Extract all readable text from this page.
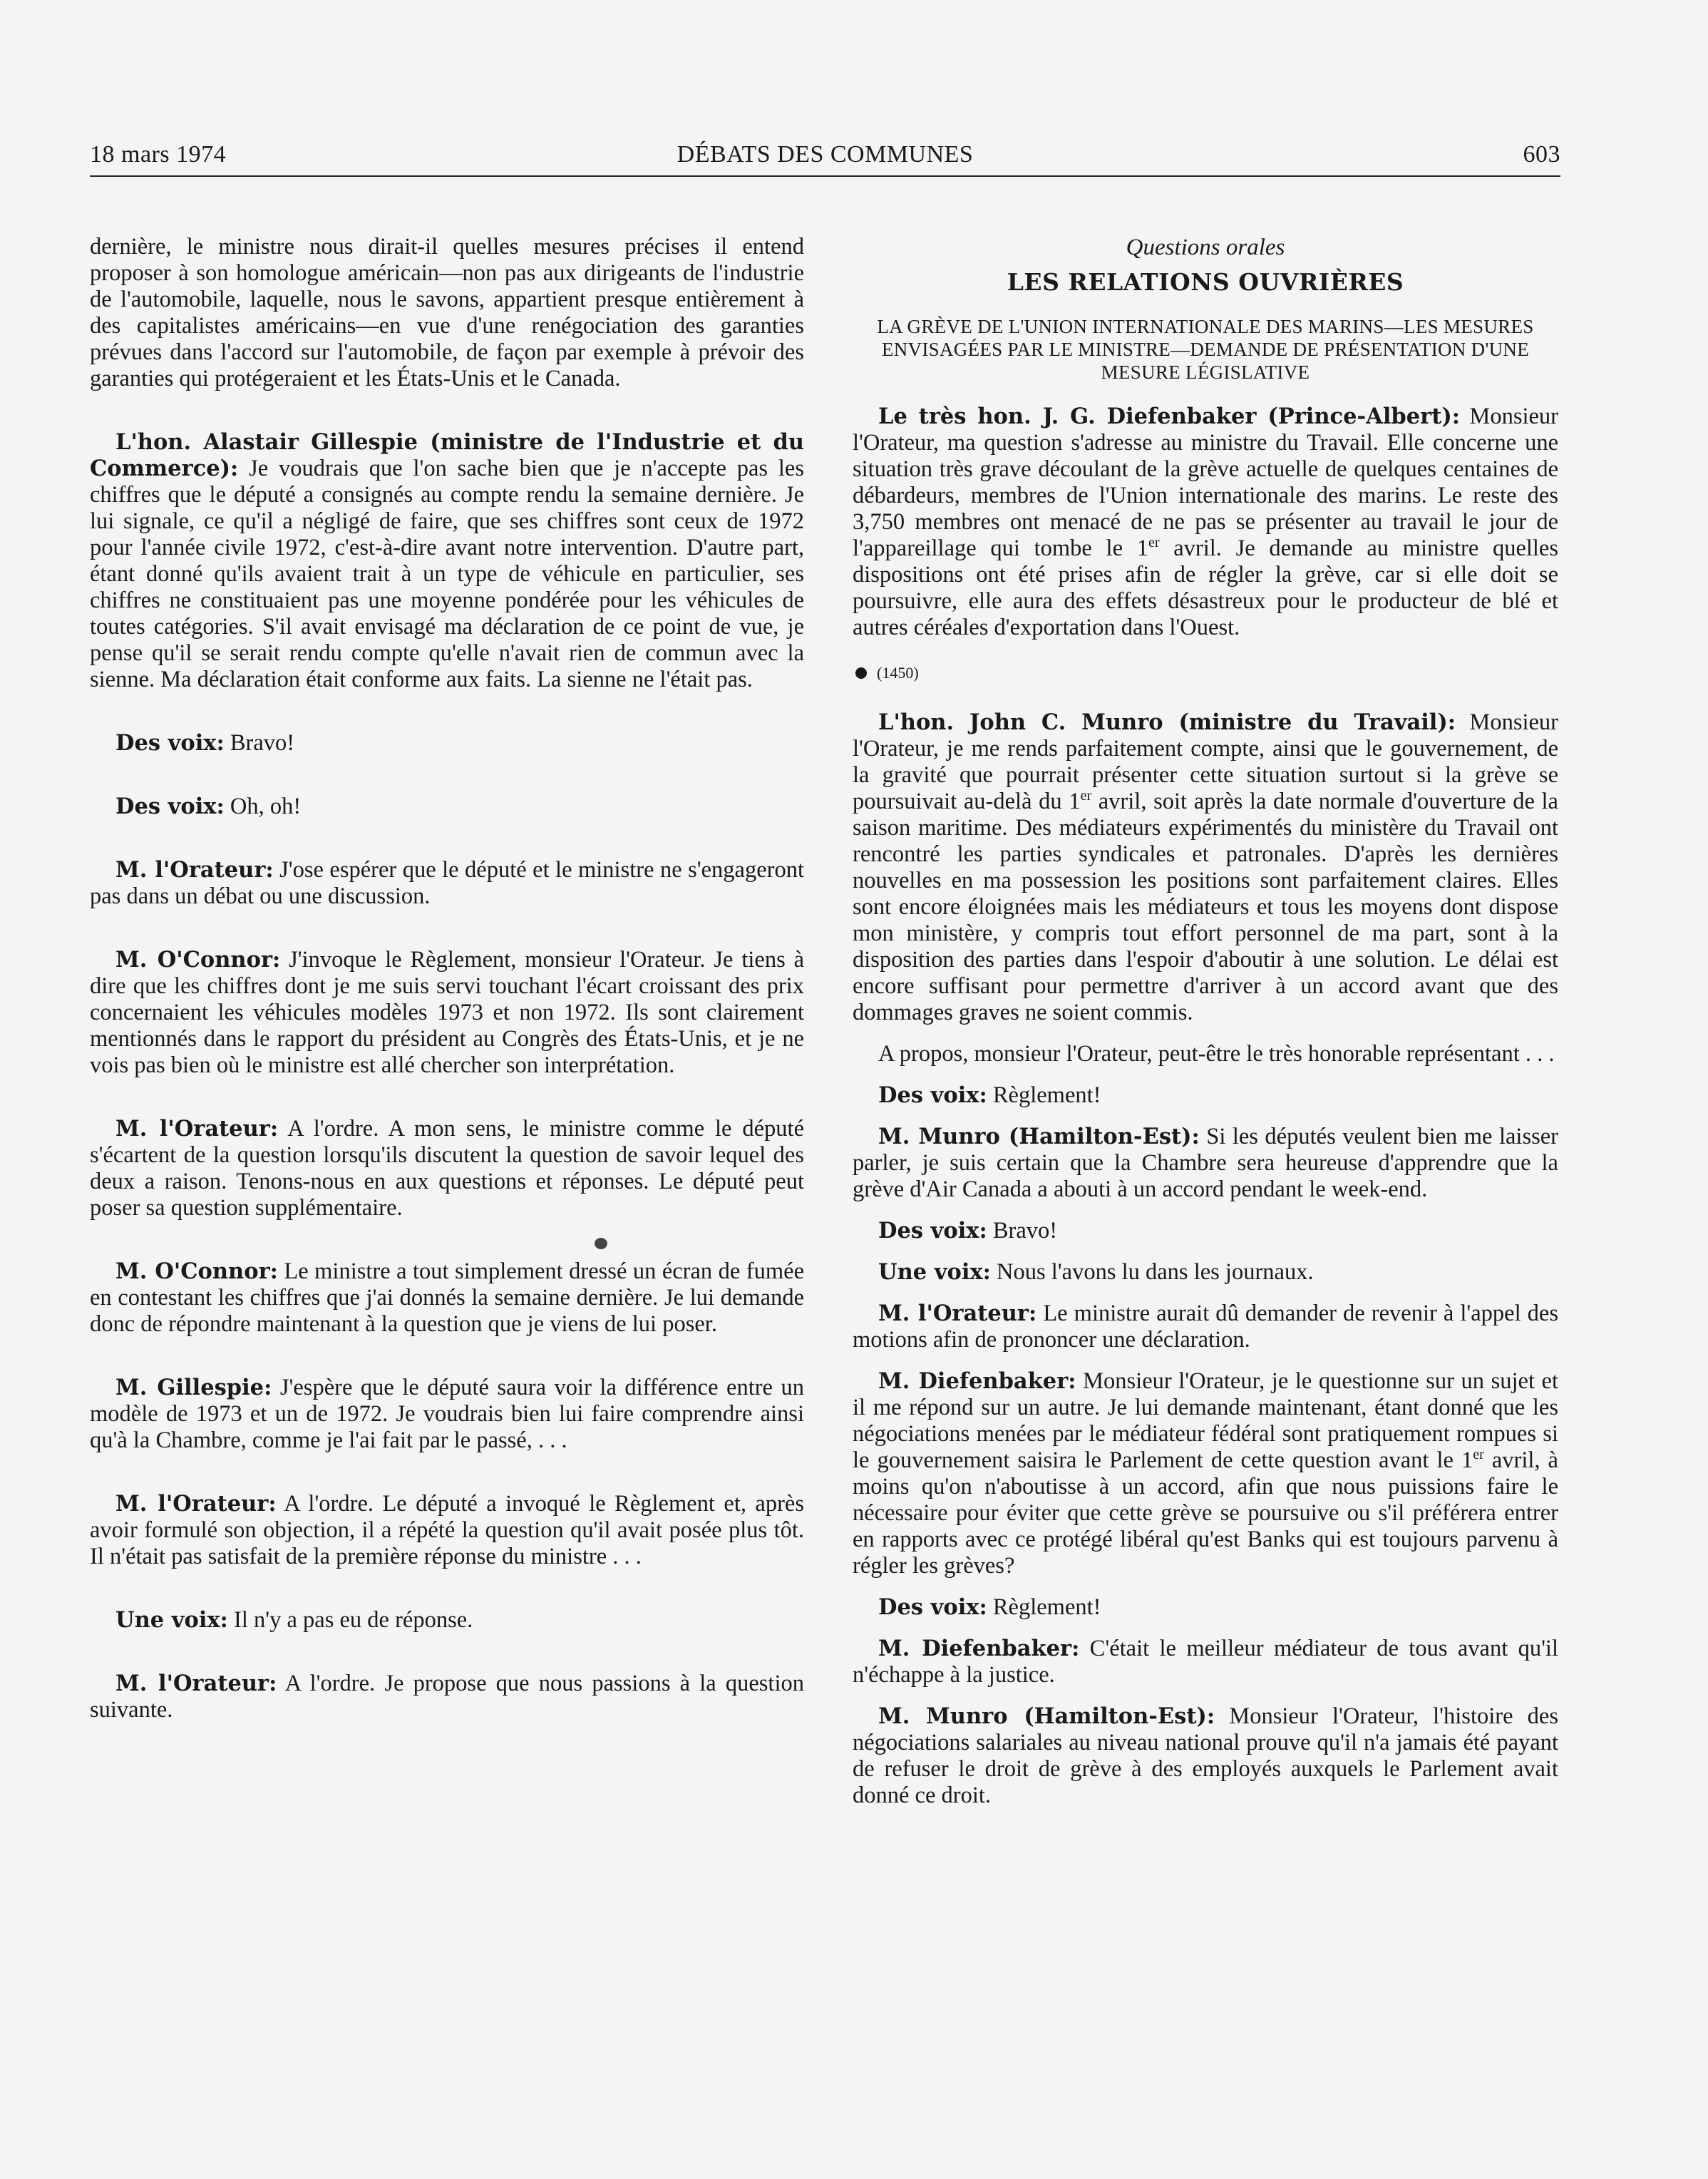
18 mars 1974	DÉBATS DES COMMUNES	603

dernière, le ministre nous dirait-il quelles mesures précises il entend proposer à son homologue américain—non pas aux dirigeants de l'industrie de l'automobile, laquelle, nous le savons, appartient presque entièrement à des capitalistes américains—en vue d'une renégociation des garanties prévues dans l'accord sur l'automobile, de façon par exemple à prévoir des garanties qui protégeraient et les États-Unis et le Canada.

L'hon. Alastair Gillespie (ministre de l'Industrie et du Commerce): Je voudrais que l'on sache bien que je n'accepte pas les chiffres que le député a consignés au compte rendu la semaine dernière. Je lui signale, ce qu'il a négligé de faire, que ses chiffres sont ceux de 1972 pour l'année civile 1972, c'est-à-dire avant notre intervention. D'autre part, étant donné qu'ils avaient trait à un type de véhicule en particulier, ses chiffres ne constituaient pas une moyenne pondérée pour les véhicules de toutes catégories. S'il avait envisagé ma déclaration de ce point de vue, je pense qu'il se serait rendu compte qu'elle n'avait rien de commun avec la sienne. Ma déclaration était conforme aux faits. La sienne ne l'était pas.

Des voix: Bravo!

Des voix: Oh, oh!

M. l'Orateur: J'ose espérer que le député et le ministre ne s'engageront pas dans un débat ou une discussion.

M. O'Connor: J'invoque le Règlement, monsieur l'Orateur. Je tiens à dire que les chiffres dont je me suis servi touchant l'écart croissant des prix concernaient les véhicules modèles 1973 et non 1972. Ils sont clairement mentionnés dans le rapport du président au Congrès des États-Unis, et je ne vois pas bien où le ministre est allé chercher son interprétation.

M. l'Orateur: A l'ordre. A mon sens, le ministre comme le député s'écartent de la question lorsqu'ils discutent la question de savoir lequel des deux a raison. Tenons-nous en aux questions et réponses. Le député peut poser sa question supplémentaire.

M. O'Connor: Le ministre a tout simplement dressé un écran de fumée en contestant les chiffres que j'ai donnés la semaine dernière. Je lui demande donc de répondre maintenant à la question que je viens de lui poser.

M. Gillespie: J'espère que le député saura voir la différence entre un modèle de 1973 et un de 1972. Je voudrais bien lui faire comprendre ainsi qu'à la Chambre, comme je l'ai fait par le passé, . . .

M. l'Orateur: A l'ordre. Le député a invoqué le Règlement et, après avoir formulé son objection, il a répété la question qu'il avait posée plus tôt. Il n'était pas satisfait de la première réponse du ministre . . .

Une voix: Il n'y a pas eu de réponse.

M. l'Orateur: A l'ordre. Je propose que nous passions à la question suivante.

Questions orales

LES RELATIONS OUVRIÈRES

LA GRÈVE DE L'UNION INTERNATIONALE DES MARINS—LES MESURES ENVISAGÉES PAR LE MINISTRE—DEMANDE DE PRÉSENTATION D'UNE MESURE LÉGISLATIVE

Le très hon. J. G. Diefenbaker (Prince-Albert): Monsieur l'Orateur, ma question s'adresse au ministre du Travail. Elle concerne une situation très grave découlant de la grève actuelle de quelques centaines de débardeurs, membres de l'Union internationale des marins. Le reste des 3,750 membres ont menacé de ne pas se présenter au travail le jour de l'appareillage qui tombe le 1er avril. Je demande au ministre quelles dispositions ont été prises afin de régler la grève, car si elle doit se poursuivre, elle aura des effets désastreux pour le producteur de blé et autres céréales d'exportation dans l'Ouest.

(1450)

L'hon. John C. Munro (ministre du Travail): Monsieur l'Orateur, je me rends parfaitement compte, ainsi que le gouvernement, de la gravité que pourrait présenter cette situation surtout si la grève se poursuivait au-delà du 1er avril, soit après la date normale d'ouverture de la saison maritime. Des médiateurs expérimentés du ministère du Travail ont rencontré les parties syndicales et patronales. D'après les dernières nouvelles en ma possession les positions sont parfaitement claires. Elles sont encore éloignées mais les médiateurs et tous les moyens dont dispose mon ministère, y compris tout effort personnel de ma part, sont à la disposition des parties dans l'espoir d'aboutir à une solution. Le délai est encore suffisant pour permettre d'arriver à un accord avant que des dommages graves ne soient commis.

A propos, monsieur l'Orateur, peut-être le très honorable représentant . . .

Des voix: Règlement!

M. Munro (Hamilton-Est): Si les députés veulent bien me laisser parler, je suis certain que la Chambre sera heureuse d'apprendre que la grève d'Air Canada a abouti à un accord pendant le week-end.

Des voix: Bravo!

Une voix: Nous l'avons lu dans les journaux.

M. l'Orateur: Le ministre aurait dû demander de revenir à l'appel des motions afin de prononcer une déclaration.

M. Diefenbaker: Monsieur l'Orateur, je le questionne sur un sujet et il me répond sur un autre. Je lui demande maintenant, étant donné que les négociations menées par le médiateur fédéral sont pratiquement rompues si le gouvernement saisira le Parlement de cette question avant le 1er avril, à moins qu'on n'aboutisse à un accord, afin que nous puissions faire le nécessaire pour éviter que cette grève se poursuive ou s'il préférera entrer en rapports avec ce protégé libéral qu'est Banks qui est toujours parvenu à régler les grèves?

Des voix: Règlement!

M. Diefenbaker: C'était le meilleur médiateur de tous avant qu'il n'échappe à la justice.

M. Munro (Hamilton-Est): Monsieur l'Orateur, l'histoire des négociations salariales au niveau national prouve qu'il n'a jamais été payant de refuser le droit de grève à des employés auxquels le Parlement avait donné ce droit.
